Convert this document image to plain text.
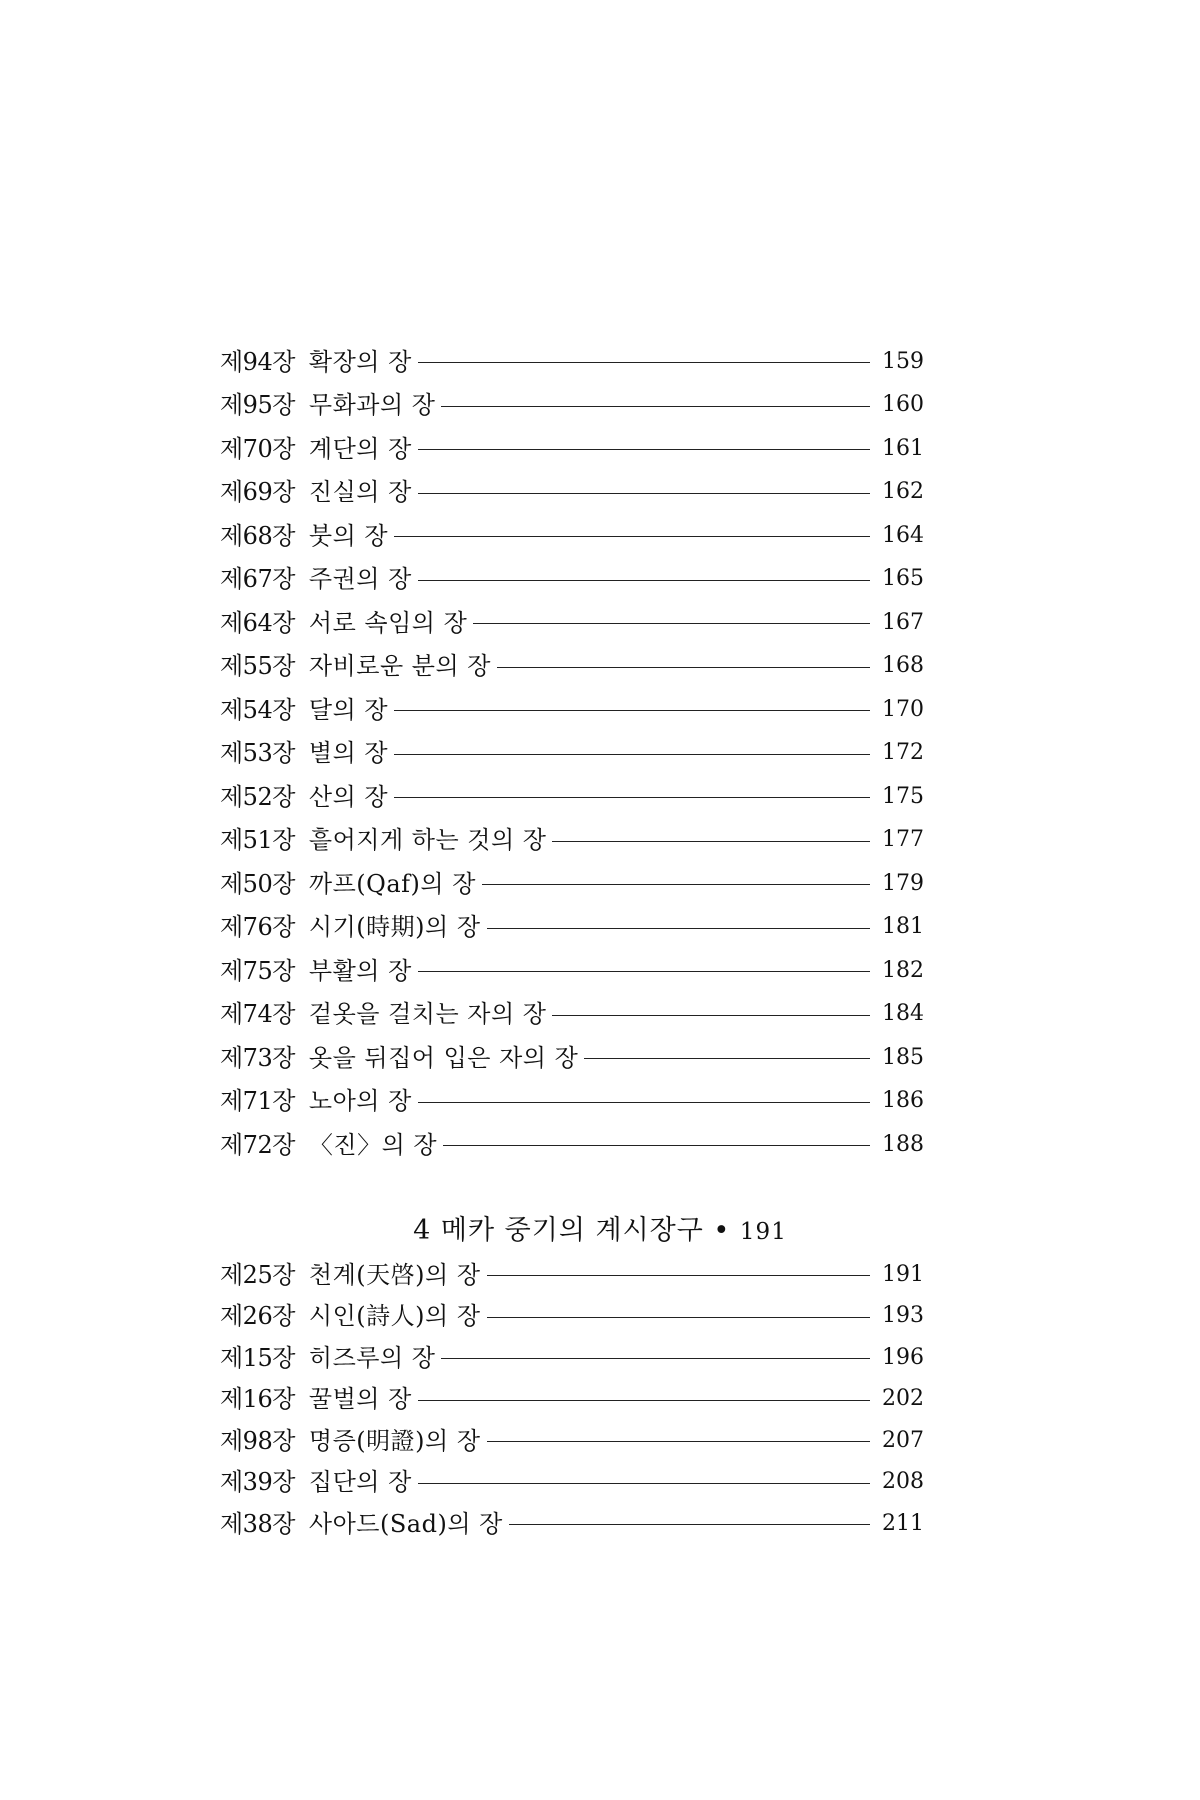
제94장 확장의 장	159
제95장 무화과의 장	160
제70장 계단의 장	161
제69장 진실의 장	162
제68장 붓의 장	164
제67장 주권의 장	165
제64장 서로 속임의 장	167
제55장 자비로운 분의 장	168
제54장 달의 장	170
제53장 별의 장	172
제52장 산의 장	175
제51장 흩어지게 하는 것의 장	177
제50장 까프(Qaf)의 장	179
제76장 시기(時期)의 장	181
제75장 부활의 장	182
제74장 겉옷을 걸치는 자의 장	184
제73장 옷을 뒤집어 입은 자의 장	185
제71장 노아의 장	186
제72장 〈진〉의 장	188
4 메카 중기의 계시장구 • 191
제25장 천계(天啓)의 장	191
제26장 시인(詩人)의 장	193
제15장 히즈루의 장	196
제16장 꿀벌의 장	202
제98장 명증(明證)의 장	207
제39장 집단의 장	208
제38장 사아드(Sad)의 장	211
